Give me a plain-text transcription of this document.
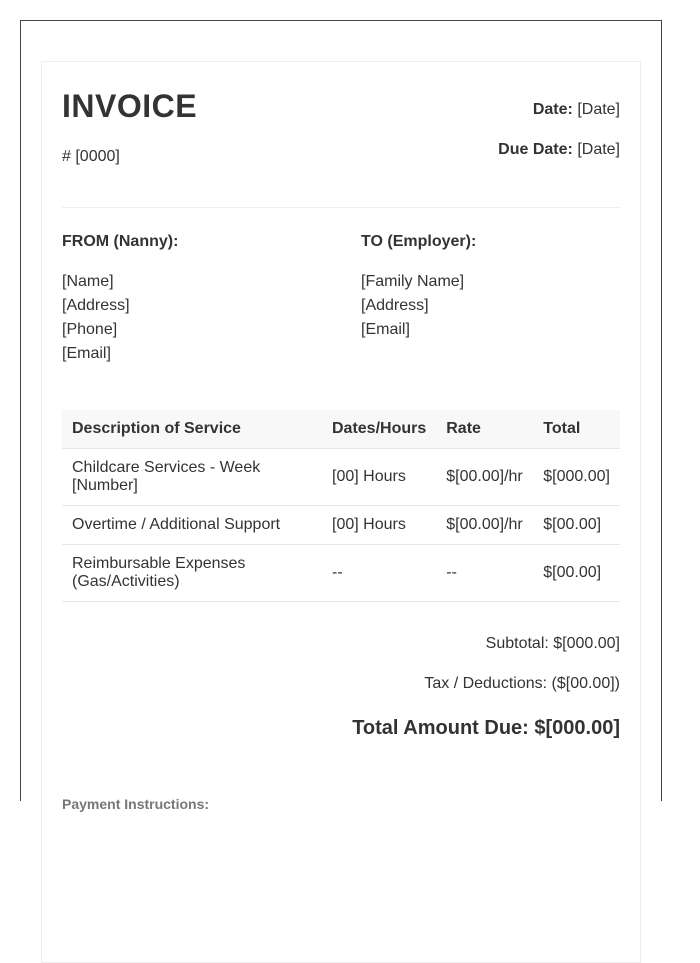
INVOICE
# [0000]
Date: [Date]
Due Date: [Date]
FROM (Nanny):
[Name]
[Address]
[Phone]
[Email]
TO (Employer):
[Family Name]
[Address]
[Email]
Description of Service	Dates/Hours	Rate	Total
Childcare Services - Week [Number]	[00] Hours	$[00.00]/hr	$[000.00]
Overtime / Additional Support	[00] Hours	$[00.00]/hr	$[00.00]
Reimbursable Expenses (Gas/Activities)	--	--	$[00.00]
Subtotal: $[000.00]
Tax / Deductions: ($[00.00])
Total Amount Due: $[000.00]
Payment Instructions:
